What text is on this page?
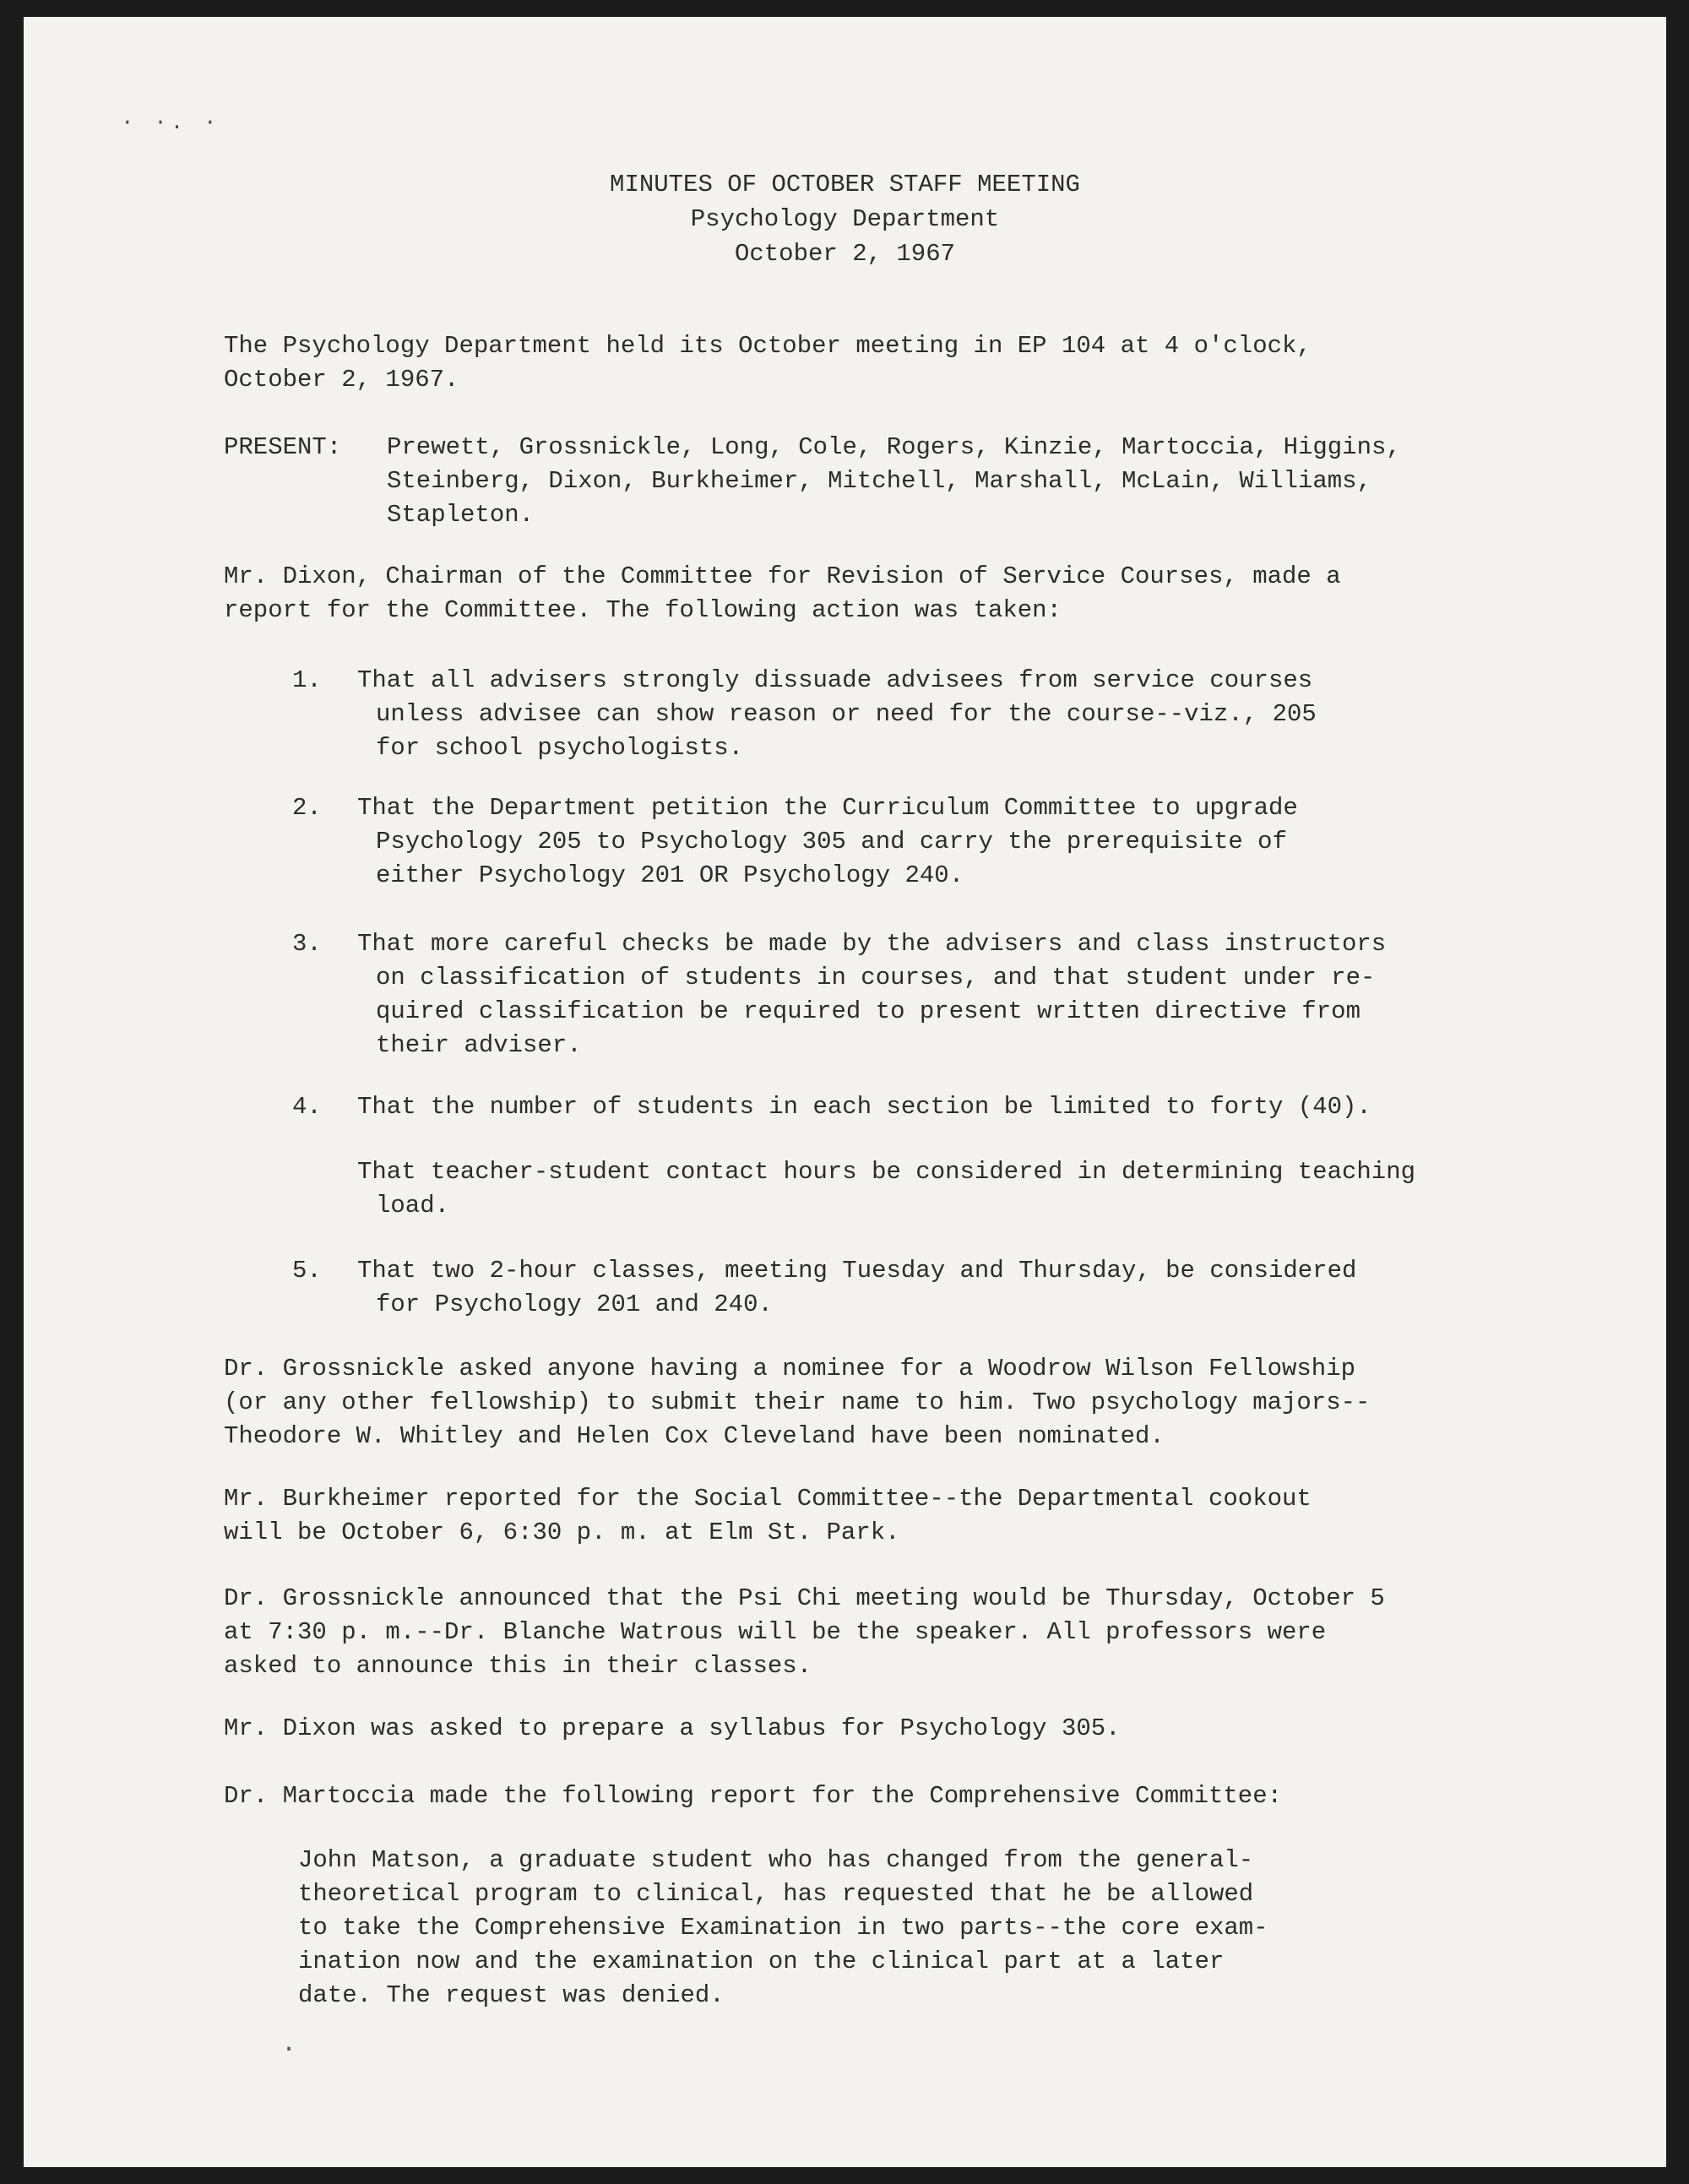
· ·. ·
MINUTES OF OCTOBER STAFF MEETING
Psychology Department
October 2, 1967
The Psychology Department held its October meeting in EP 104 at 4 o'clock,
October 2, 1967.
PRESENT: Prewett, Grossnickle, Long, Cole, Rogers, Kinzie, Martoccia, Higgins,
Steinberg, Dixon, Burkheimer, Mitchell, Marshall, McLain, Williams,
Stapleton.
Mr. Dixon, Chairman of the Committee for Revision of Service Courses, made a
report for the Committee. The following action was taken:
1. That all advisers strongly dissuade advisees from service courses
unless advisee can show reason or need for the course--viz., 205
for school psychologists.
2. That the Department petition the Curriculum Committee to upgrade
Psychology 205 to Psychology 305 and carry the prerequisite of
either Psychology 201 OR Psychology 240.
3. That more careful checks be made by the advisers and class instructors
on classification of students in courses, and that student under re-
quired classification be required to present written directive from
their adviser.
4. That the number of students in each section be limited to forty (40).
That teacher-student contact hours be considered in determining teaching
load.
5. That two 2-hour classes, meeting Tuesday and Thursday, be considered
for Psychology 201 and 240.
Dr. Grossnickle asked anyone having a nominee for a Woodrow Wilson Fellowship
(or any other fellowship) to submit their name to him. Two psychology majors--
Theodore W. Whitley and Helen Cox Cleveland have been nominated.
Mr. Burkheimer reported for the Social Committee--the Departmental cookout
will be October 6, 6:30 p. m. at Elm St. Park.
Dr. Grossnickle announced that the Psi Chi meeting would be Thursday, October 5
at 7:30 p. m.--Dr. Blanche Watrous will be the speaker. All professors were
asked to announce this in their classes.
Mr. Dixon was asked to prepare a syllabus for Psychology 305.
Dr. Martoccia made the following report for the Comprehensive Committee:
John Matson, a graduate student who has changed from the general-
theoretical program to clinical, has requested that he be allowed
to take the Comprehensive Examination in two parts--the core exam-
ination now and the examination on the clinical part at a later
date. The request was denied.
·
